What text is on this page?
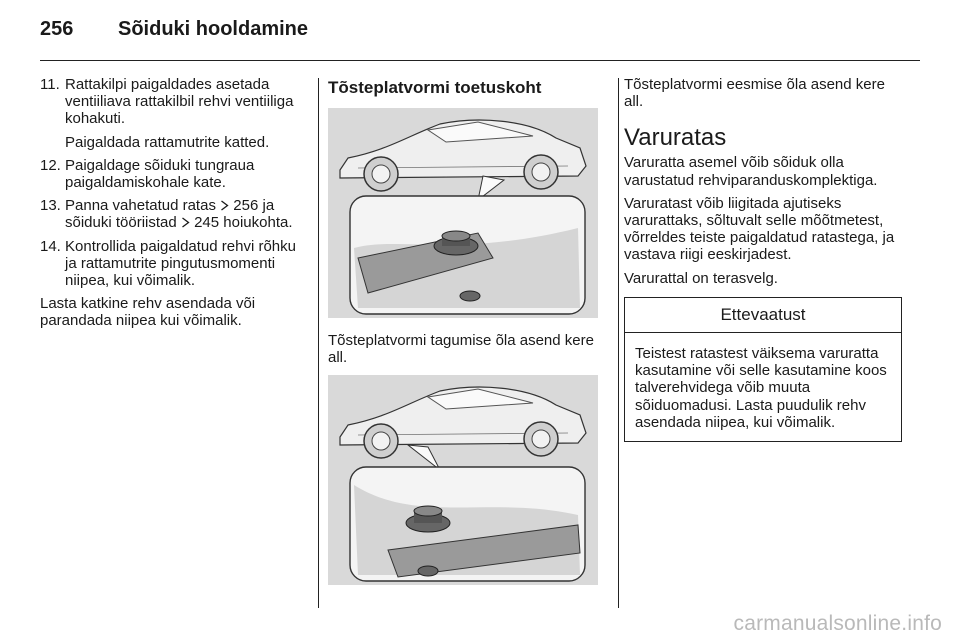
256	Sõiduki hooldamine
11. Rattakilpi paigaldades asetada ventiiliava rattakilbil rehvi ventiiliga kohakuti.
Paigaldada rattamutrite katted.
12. Paigaldage sõiduki tungraua paigaldamiskohale kate.
13. Panna vahetatud ratas 256 ja sõiduki tööriistad 245 hoiukohta.
14. Kontrollida paigaldatud rehvi rõhku ja rattamutrite pingutusmomenti niipea, kui võimalik.

Lasta katkine rehv asendada või parandada niipea kui võimalik.

Tõsteplatvormi toetuskoht

Tõsteplatvormi tagumise õla asend kere all.

Tõsteplatvormi eesmise õla asend kere all.

Varuratas

Varuratta asemel võib sõiduk olla varustatud rehviparanduskomplektiga.

Varuratast võib liigitada ajutiseks varurattaks, sõltuvalt selle mõõtmetest, võrreldes teiste paigaldatud ratastega, ja vastava riigi eeskirjadest.

Varurattal on terasvelg.

Ettevaatust
Teistest ratastest väiksema varuratta kasutamine või selle kasutamine koos talverehvidega võib muuta sõiduomadusi. Lasta puudulik rehv asendada niipea, kui võimalik.
carmanualsonline.info
